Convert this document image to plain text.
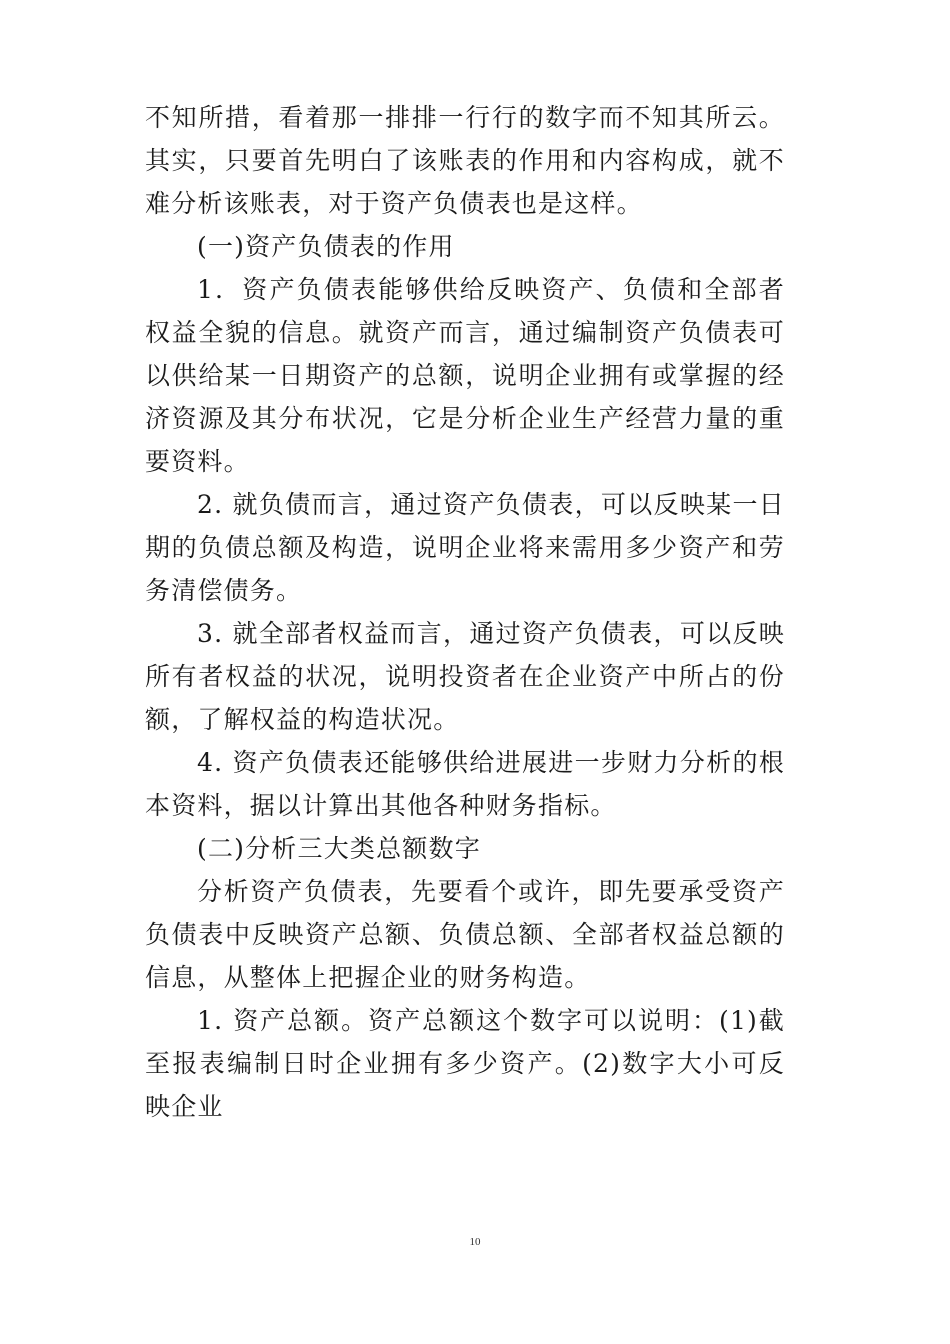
不知所措，看着那一排排一行行的数字而不知其所云。其实，只要首先明白了该账表的作用和内容构成，就不难分析该账表，对于资产负债表也是这样。

(一)资产负债表的作用

1．资产负债表能够供给反映资产、负债和全部者权益全貌的信息。就资产而言，通过编制资产负债表可以供给某一日期资产的总额，说明企业拥有或掌握的经济资源及其分布状况，它是分析企业生产经营力量的重要资料。

2. 就负债而言，通过资产负债表，可以反映某一日期的负债总额及构造，说明企业将来需用多少资产和劳务清偿债务。

3. 就全部者权益而言，通过资产负债表，可以反映所有者权益的状况，说明投资者在企业资产中所占的份额，了解权益的构造状况。

4. 资产负债表还能够供给进展进一步财力分析的根本资料，据以计算出其他各种财务指标。

(二)分析三大类总额数字

分析资产负债表，先要看个或许，即先要承受资产负债表中反映资产总额、负债总额、全部者权益总额的信息，从整体上把握企业的财务构造。

1. 资产总额。资产总额这个数字可以说明：(1)截至报表编制日时企业拥有多少资产。(2)数字大小可反映企业

10
